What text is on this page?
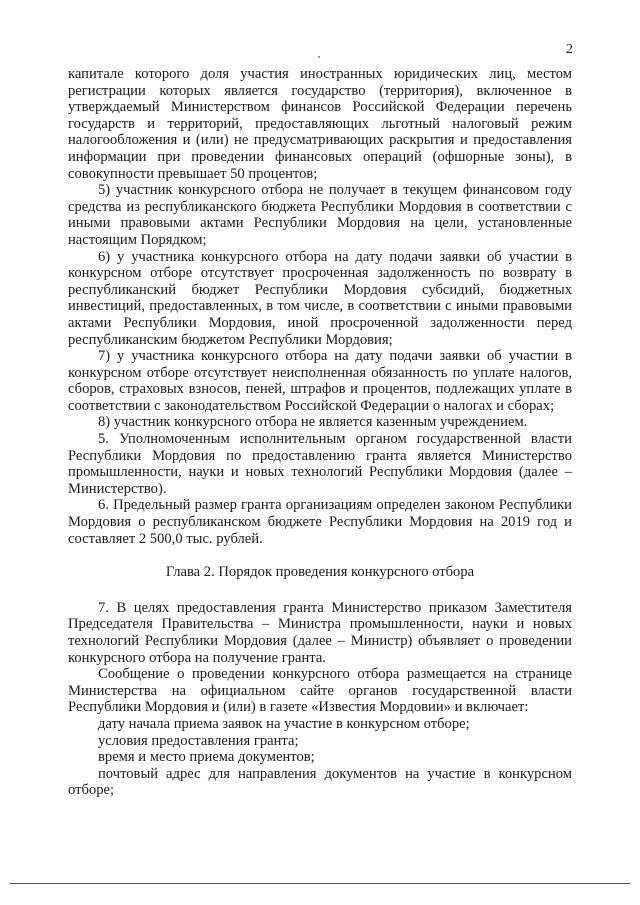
2

капитале которого доля участия иностранных юридических лиц, местом регистрации которых является государство (территория), включенное в утверждаемый Министерством финансов Российской Федерации перечень государств и территорий, предоставляющих льготный налоговый режим налогообложения и (или) не предусматривающих раскрытия и предоставления информации при проведении финансовых операций (офшорные зоны), в совокупности превышает 50 процентов;

5) участник конкурсного отбора не получает в текущем финансовом году средства из республиканского бюджета Республики Мордовия в соответствии с иными правовыми актами Республики Мордовия на цели, установленные настоящим Порядком;

6) у участника конкурсного отбора на дату подачи заявки об участии в конкурсном отборе отсутствует просроченная задолженность по возврату в республиканский бюджет Республики Мордовия субсидий, бюджетных инвестиций, предоставленных, в том числе, в соответствии с иными правовыми актами Республики Мордовия, иной просроченной задолженности перед республиканским бюджетом Республики Мордовия;

7) у участника конкурсного отбора на дату подачи заявки об участии в конкурсном отборе отсутствует неисполненная обязанность по уплате налогов, сборов, страховых взносов, пеней, штрафов и процентов, подлежащих уплате в соответствии с законодательством Российской Федерации о налогах и сборах;

8) участник конкурсного отбора не является казенным учреждением.

5. Уполномоченным исполнительным органом государственной власти Республики Мордовия по предоставлению гранта является Министерство промышленности, науки и новых технологий Республики Мордовия (далее – Министерство).

6. Предельный размер гранта организациям определен законом Республики Мордовия о республиканском бюджете Республики Мордовия на 2019 год и составляет 2 500,0 тыс. рублей.

Глава 2. Порядок проведения конкурсного отбора

7. В целях предоставления гранта Министерство приказом Заместителя Председателя Правительства – Министра промышленности, науки и новых технологий Республики Мордовия (далее – Министр) объявляет о проведении конкурсного отбора на получение гранта.

Сообщение о проведении конкурсного отбора размещается на странице Министерства на официальном сайте органов государственной власти Республики Мордовия и (или) в газете «Известия Мордовии» и включает:

дату начала приема заявок на участие в конкурсном отборе;

условия предоставления гранта;

время и место приема документов;

почтовый адрес для направления документов на участие в конкурсном отборе;
